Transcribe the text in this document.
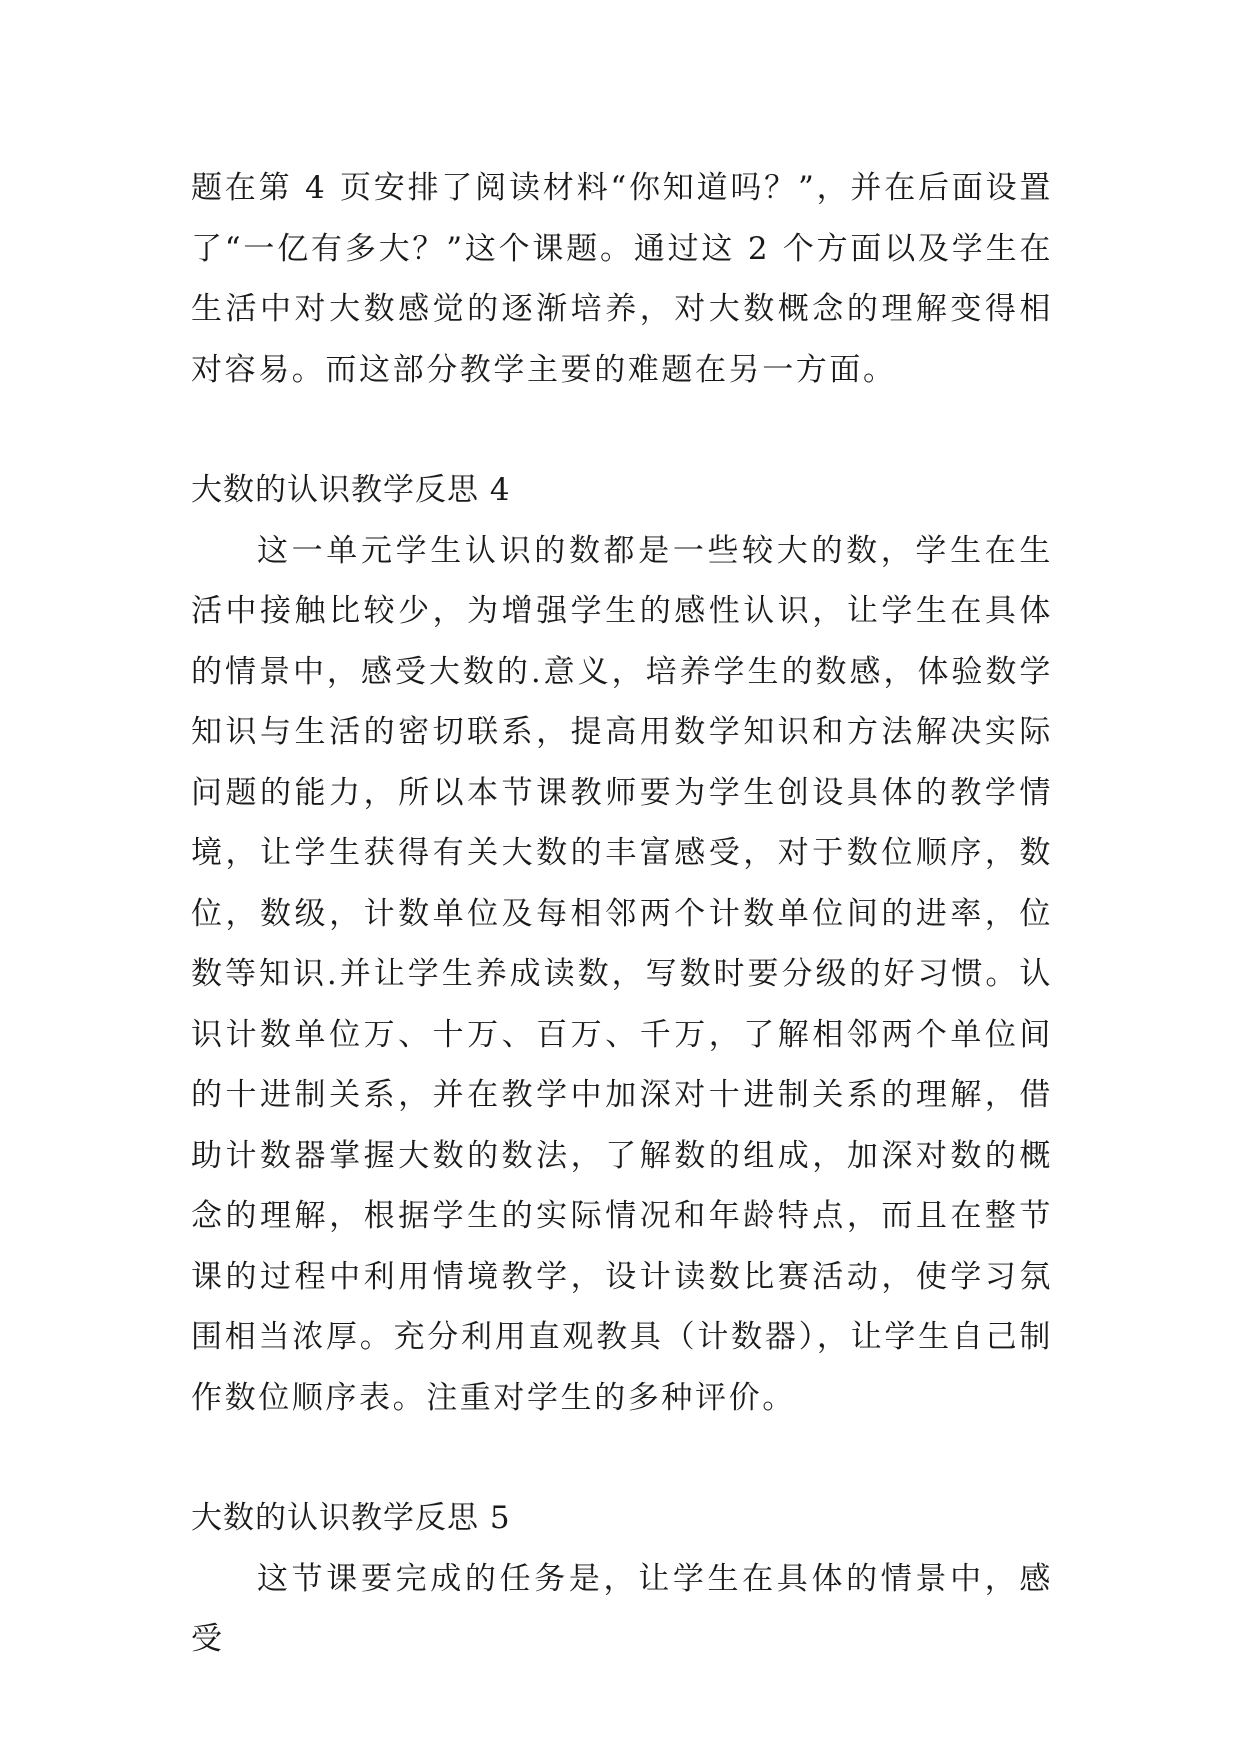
题在第 4 页安排了阅读材料“你知道吗？”，并在后面设置了“一亿有多大？”这个课题。通过这 2 个方面以及学生在生活中对大数感觉的逐渐培养，对大数概念的理解变得相对容易。而这部分教学主要的难题在另一方面。

大数的认识教学反思 4

这一单元学生认识的数都是一些较大的数，学生在生活中接触比较少，为增强学生的感性认识，让学生在具体的情景中，感受大数的.意义，培养学生的数感，体验数学知识与生活的密切联系，提高用数学知识和方法解决实际问题的能力，所以本节课教师要为学生创设具体的教学情境，让学生获得有关大数的丰富感受，对于数位顺序，数位，数级，计数单位及每相邻两个计数单位间的进率，位数等知识.并让学生养成读数，写数时要分级的好习惯。认识计数单位万、十万、百万、千万，了解相邻两个单位间的十进制关系，并在教学中加深对十进制关系的理解，借助计数器掌握大数的数法，了解数的组成，加深对数的概念的理解，根据学生的实际情况和年龄特点，而且在整节课的过程中利用情境教学，设计读数比赛活动，使学习氛围相当浓厚。充分利用直观教具（计数器），让学生自己制作数位顺序表。注重对学生的多种评价。

大数的认识教学反思 5

这节课要完成的任务是，让学生在具体的情景中，感受
